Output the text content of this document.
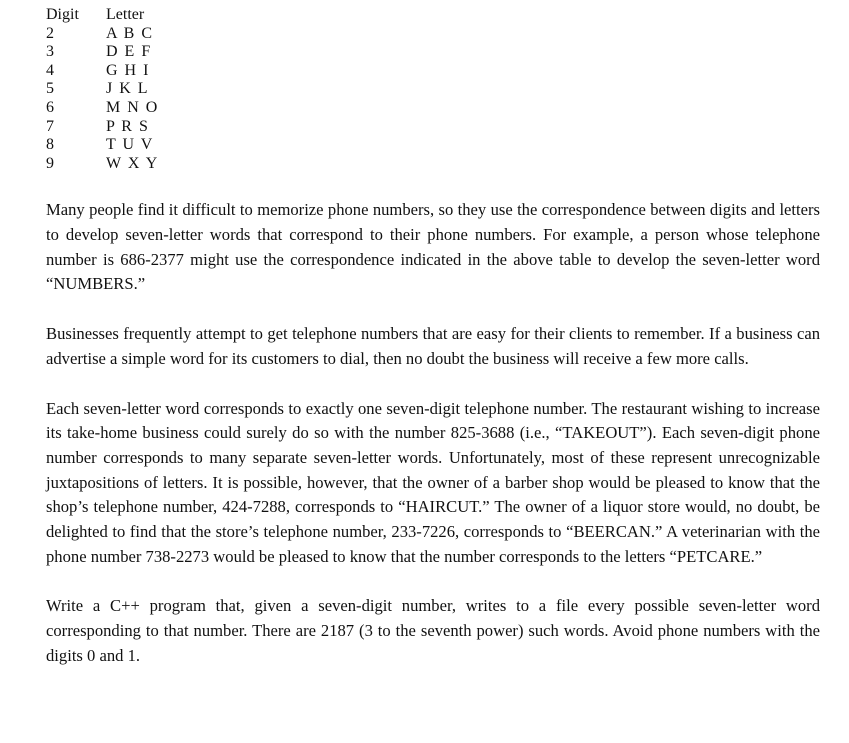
Digit	Letter
2	A B C
3	D E F
4	G H I
5	J K L
6	M N O
7	P R S
8	T U V
9	W X Y

Many people find it difficult to memorize phone numbers, so they use the correspondence between digits and letters to develop seven-letter words that correspond to their phone numbers. For example, a person whose telephone number is 686-2377 might use the correspondence indicated in the above table to develop the seven-letter word “NUMBERS.”

Businesses frequently attempt to get telephone numbers that are easy for their clients to remember. If a business can advertise a simple word for its customers to dial, then no doubt the business will receive a few more calls.

Each seven-letter word corresponds to exactly one seven-digit telephone number. The restaurant wishing to increase its take-home business could surely do so with the number 825-3688 (i.e., “TAKEOUT”). Each seven-digit phone number corresponds to many separate seven-letter words. Unfortunately, most of these represent unrecognizable juxtapositions of letters. It is possible, however, that the owner of a barber shop would be pleased to know that the shop’s telephone number, 424-7288, corresponds to “HAIRCUT.” The owner of a liquor store would, no doubt, be delighted to find that the store’s telephone number, 233-7226, corresponds to “BEERCAN.” A veterinarian with the phone number 738-2273 would be pleased to know that the number corresponds to the letters “PETCARE.”

Write a C++ program that, given a seven-digit number, writes to a file every possible seven-letter word corresponding to that number. There are 2187 (3 to the seventh power) such words. Avoid phone numbers with the digits 0 and 1.
